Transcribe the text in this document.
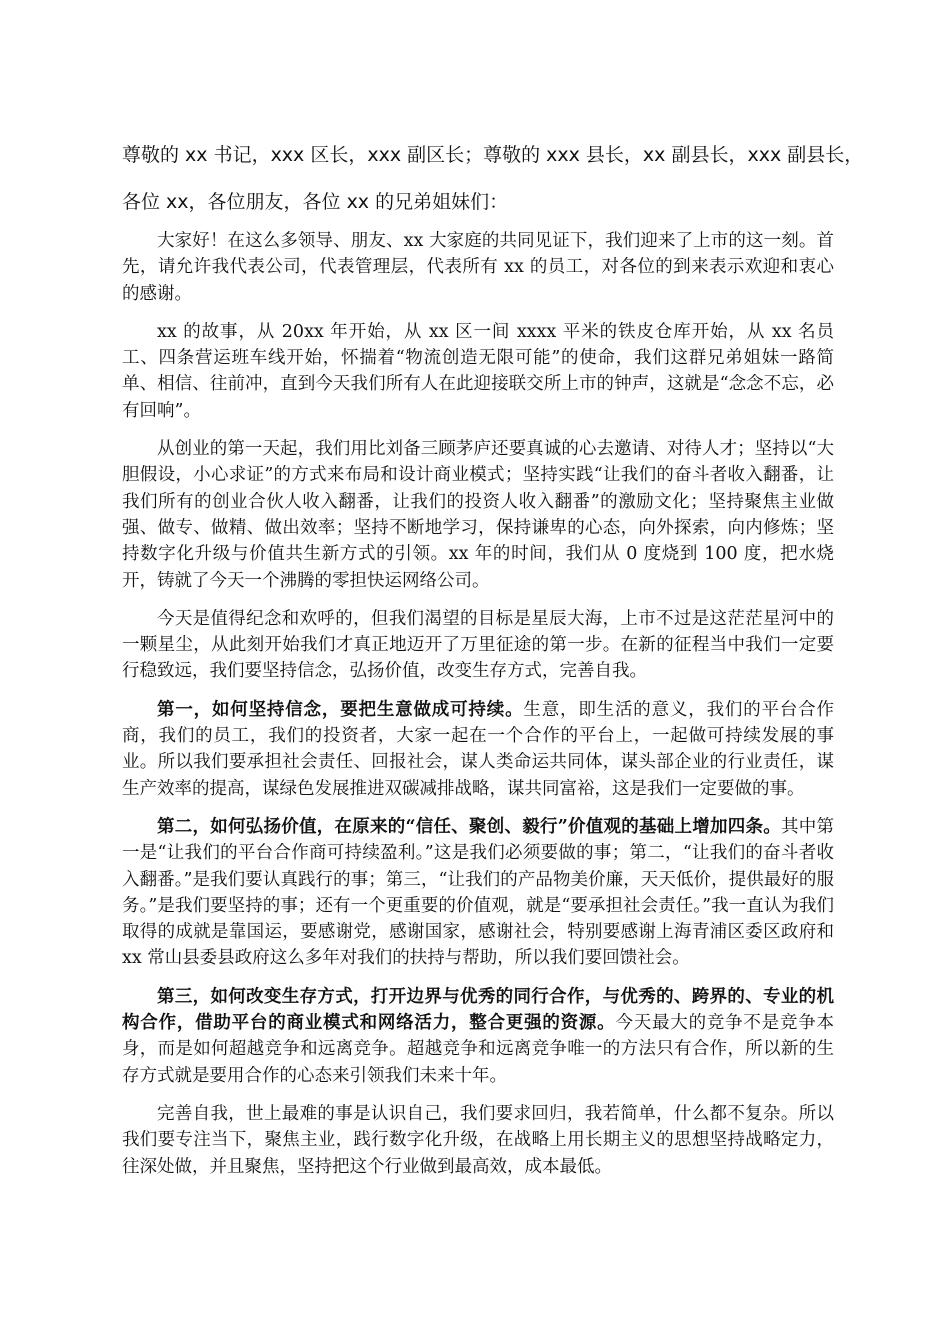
尊敬的 xx 书记，xxx 区长，xxx 副区长；尊敬的 xxx 县长，xx 副县长，xxx 副县长，

各位 xx，各位朋友，各位 xx 的兄弟姐妹们：

大家好！在这么多领导、朋友、xx 大家庭的共同见证下，我们迎来了上市的这一刻。首先，请允许我代表公司，代表管理层，代表所有 xx 的员工，对各位的到来表示欢迎和衷心的感谢。

xx 的故事，从 20xx 年开始，从 xx 区一间 xxxx 平米的铁皮仓库开始，从 xx 名员工、四条营运班车线开始，怀揣着“物流创造无限可能”的使命，我们这群兄弟姐妹一路简单、相信、往前冲，直到今天我们所有人在此迎接联交所上市的钟声，这就是“念念不忘，必有回响”。

从创业的第一天起，我们用比刘备三顾茅庐还要真诚的心去邀请、对待人才；坚持以“大胆假设，小心求证”的方式来布局和设计商业模式；坚持实践“让我们的奋斗者收入翻番，让我们所有的创业合伙人收入翻番，让我们的投资人收入翻番”的激励文化；坚持聚焦主业做强、做专、做精、做出效率；坚持不断地学习，保持谦卑的心态，向外探索，向内修炼；坚持数字化升级与价值共生新方式的引领。xx 年的时间，我们从 0 度烧到 100 度，把水烧开，铸就了今天一个沸腾的零担快运网络公司。

今天是值得纪念和欢呼的，但我们渴望的目标是星辰大海，上市不过是这茫茫星河中的一颗星尘，从此刻开始我们才真正地迈开了万里征途的第一步。在新的征程当中我们一定要行稳致远，我们要坚持信念，弘扬价值，改变生存方式，完善自我。

第一，如何坚持信念，要把生意做成可持续。生意，即生活的意义，我们的平台合作商，我们的员工，我们的投资者，大家一起在一个合作的平台上，一起做可持续发展的事业。所以我们要承担社会责任、回报社会，谋人类命运共同体，谋头部企业的行业责任，谋生产效率的提高，谋绿色发展推进双碳减排战略，谋共同富裕，这是我们一定要做的事。

第二，如何弘扬价值，在原来的“信任、聚创、毅行”价值观的基础上增加四条。其中第一是“让我们的平台合作商可持续盈利。”这是我们必须要做的事；第二，“让我们的奋斗者收入翻番。”是我们要认真践行的事；第三，“让我们的产品物美价廉，天天低价，提供最好的服务。”是我们要坚持的事；还有一个更重要的价值观，就是“要承担社会责任。”我一直认为我们取得的成就是靠国运，要感谢党，感谢国家，感谢社会，特别要感谢上海青浦区委区政府和 xx 常山县委县政府这么多年对我们的扶持与帮助，所以我们要回馈社会。

第三，如何改变生存方式，打开边界与优秀的同行合作，与优秀的、跨界的、专业的机构合作，借助平台的商业模式和网络活力，整合更强的资源。今天最大的竞争不是竞争本身，而是如何超越竞争和远离竞争。超越竞争和远离竞争唯一的方法只有合作，所以新的生存方式就是要用合作的心态来引领我们未来十年。

完善自我，世上最难的事是认识自己，我们要求回归，我若简单，什么都不复杂。所以我们要专注当下，聚焦主业，践行数字化升级，在战略上用长期主义的思想坚持战略定力，往深处做，并且聚焦，坚持把这个行业做到最高效，成本最低。
